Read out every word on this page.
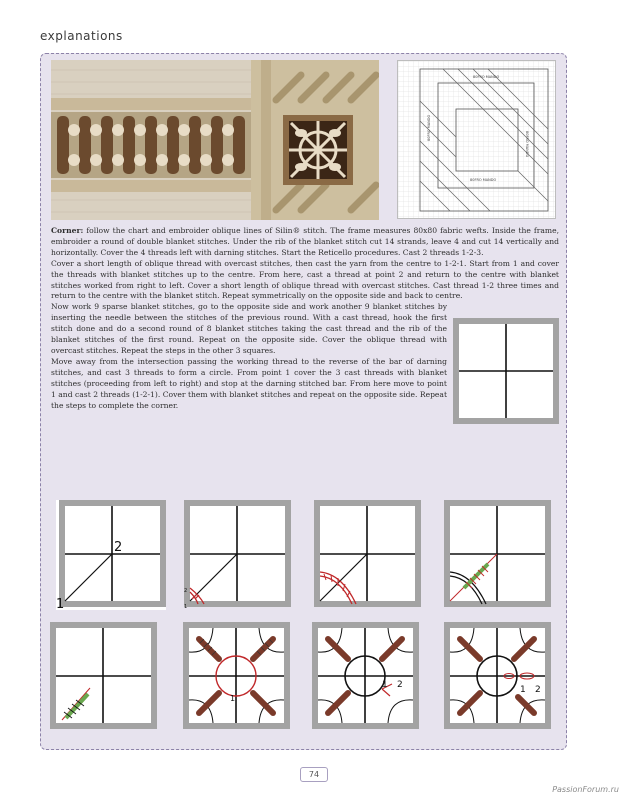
explanations
80FRO MANDO
80FRO MANDO
80FRO MANDO
80FRO MANDO

Corner: follow the chart and embroider oblique lines of Silin® stitch. The frame measures 80x80 fabric wefts. Inside the frame, embroider a round of double blanket stitches. Under the rib of the blanket stitch cut 14 strands, leave 4 and cut 14 vertically and horizontally. Cover the 4 threads left with darning stitches. Start the Reticello procedures. Cast 2 threads 1-2-3.

Cover a short length of oblique thread with overcast stitches, then cast the yarn from the centre to 1-2-1. Start from 1 and cover the threads with blanket stitches up to the centre. From here, cast a thread at point 2 and return to the centre with blanket stitches worked from right to left. Cover a short length of oblique thread with overcast stitches. Cast thread 1-2 three times and return to the centre with the blanket stitch. Repeat symmetrically on the opposite side and back to centre.

Now work 9 sparse blanket stitches, go to the opposite side and work another 9 blanket stitches by inserting the needle between the stitches of the previous round. With a cast thread, hook the first stitch done and do a second round of 8 blanket stitches taking the cast thread and the rib of the blanket stitches of the first round. Repeat on the opposite side. Cover the oblique thread with overcast stitches. Repeat the steps in the other 3 squares.

Move away from the intersection passing the working thread to the reverse of the bar of darning stitches, and cast 3 threads to form a circle. From point 1 cover the 3 cast threads with blanket stitches (proceeding from left to right) and stop at the darning stitched bar. From here move to point 1 and cast 2 threads (1-2-1). Cover them with blanket stitches and repeat on the opposite side. Repeat the steps to complete the corner.

1
2
2
1
1
1 2	1 2
74
PassionForum.ru
